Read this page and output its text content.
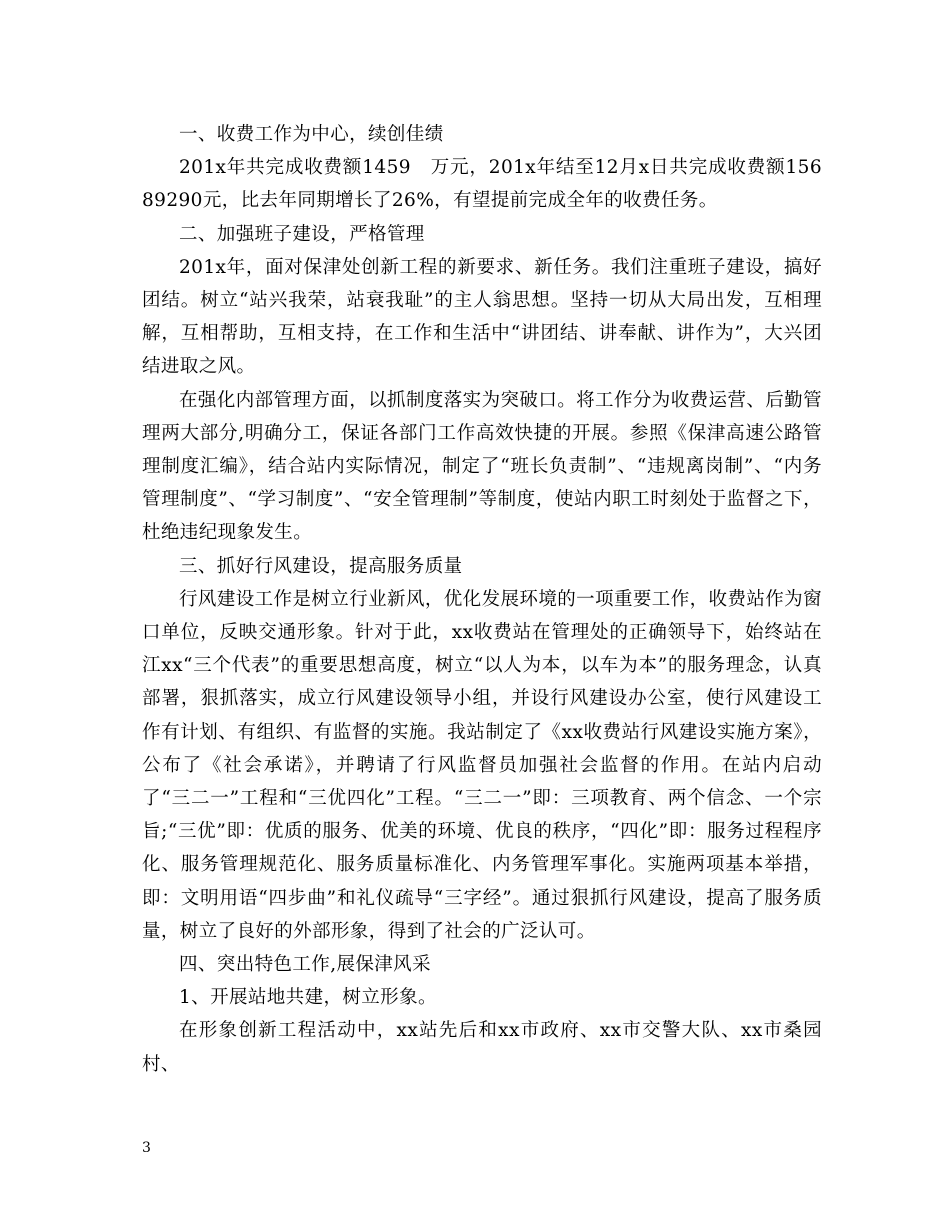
一、收费工作为中心，续创佳绩

201x年共完成收费额1459　万元，201x年结至12月x日共完成收费额15689290元，比去年同期增长了26%，有望提前完成全年的收费任务。

二、加强班子建设，严格管理

201x年，面对保津处创新工程的新要求、新任务。我们注重班子建设，搞好团结。树立“站兴我荣，站衰我耻”的主人翁思想。坚持一切从大局出发，互相理解，互相帮助，互相支持，在工作和生活中“讲团结、讲奉献、讲作为”，大兴团结进取之风。

在强化内部管理方面，以抓制度落实为突破口。将工作分为收费运营、后勤管理两大部分,明确分工，保证各部门工作高效快捷的开展。参照《保津高速公路管理制度汇编》，结合站内实际情况，制定了“班长负责制”、“违规离岗制”、“内务管理制度”、“学习制度”、“安全管理制”等制度，使站内职工时刻处于监督之下，杜绝违纪现象发生。

三、抓好行风建设，提高服务质量

行风建设工作是树立行业新风，优化发展环境的一项重要工作，收费站作为窗口单位，反映交通形象。针对于此，xx收费站在管理处的正确领导下，始终站在江xx“三个代表”的重要思想高度，树立“以人为本，以车为本”的服务理念，认真部署，狠抓落实，成立行风建设领导小组，并设行风建设办公室，使行风建设工作有计划、有组织、有监督的实施。我站制定了《xx收费站行风建设实施方案》，公布了《社会承诺》，并聘请了行风监督员加强社会监督的作用。在站内启动了“三二一”工程和“三优四化”工程。“三二一”即：三项教育、两个信念、一个宗旨;“三优”即：优质的服务、优美的环境、优良的秩序，“四化”即：服务过程程序化、服务管理规范化、服务质量标准化、内务管理军事化。实施两项基本举措，即：文明用语“四步曲”和礼仪疏导“三字经”。通过狠抓行风建设，提高了服务质量，树立了良好的外部形象，得到了社会的广泛认可。

四、突出特色工作,展保津风采

1、开展站地共建，树立形象。

在形象创新工程活动中，xx站先后和xx市政府、xx市交警大队、xx市桑园村、

3
